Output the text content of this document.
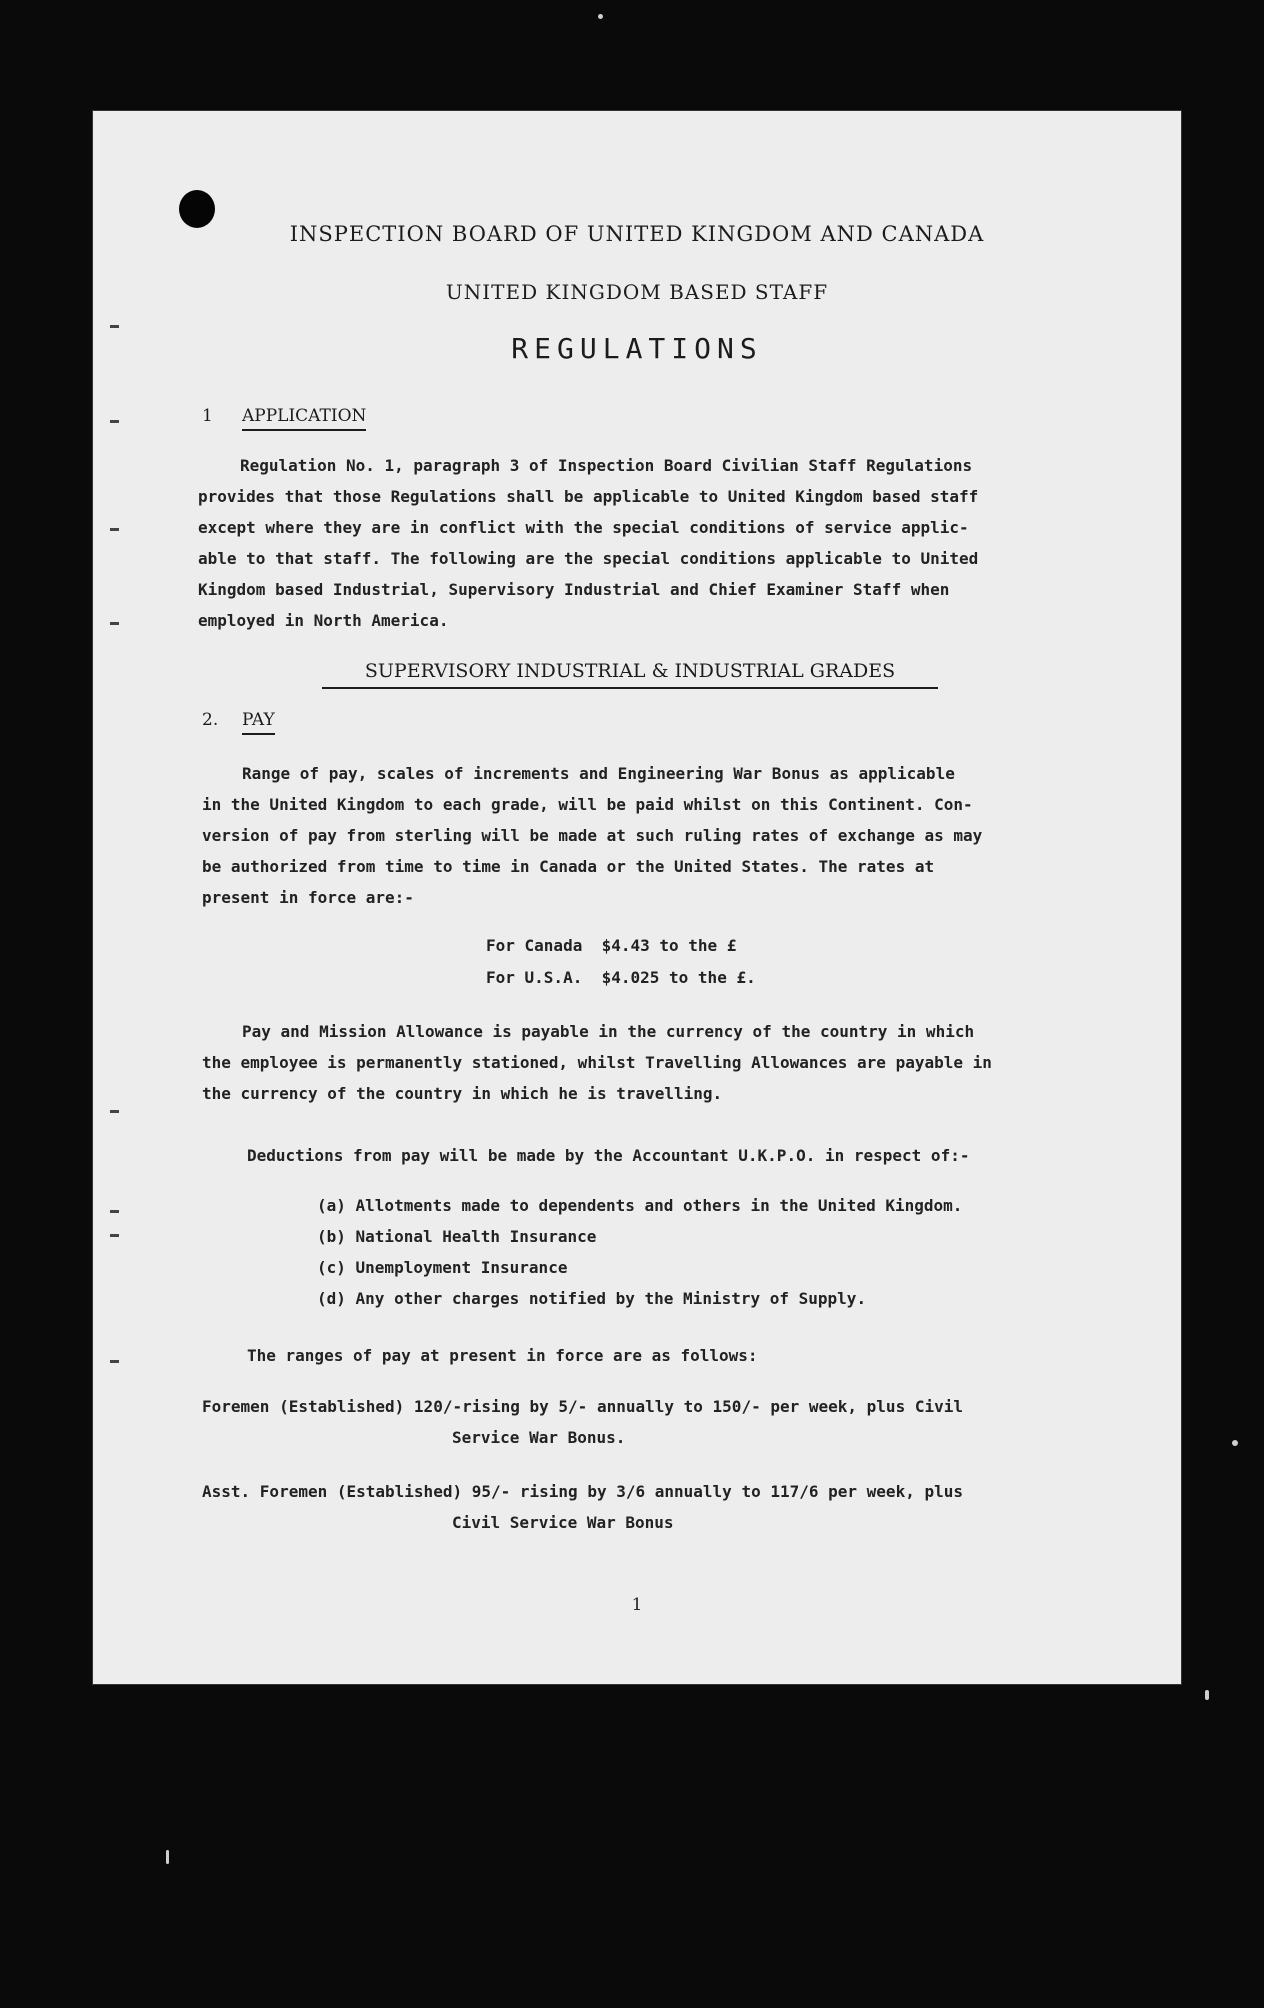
INSPECTION BOARD OF UNITED KINGDOM AND CANADA
UNITED KINGDOM BASED STAFF
REGULATIONS
1 APPLICATION
Regulation No. 1, paragraph 3 of Inspection Board Civilian Staff Regulations
provides that those Regulations shall be applicable to United Kingdom based staff
except where they are in conflict with the special conditions of service applic-
able to that staff. The following are the special conditions applicable to United
Kingdom based Industrial, Supervisory Industrial and Chief Examiner Staff when
employed in North America.
SUPERVISORY INDUSTRIAL & INDUSTRIAL GRADES
2. PAY
Range of pay, scales of increments and Engineering War Bonus as applicable
in the United Kingdom to each grade, will be paid whilst on this Continent. Con-
version of pay from sterling will be made at such ruling rates of exchange as may
be authorized from time to time in Canada or the United States. The rates at
present in force are:-
For Canada  $4.43 to the £
For U.S.A.  $4.025 to the £.
Pay and Mission Allowance is payable in the currency of the country in which
the employee is permanently stationed, whilst Travelling Allowances are payable in
the currency of the country in which he is travelling.
Deductions from pay will be made by the Accountant U.K.P.O. in respect of:-
(a) Allotments made to dependents and others in the United Kingdom.
(b) National Health Insurance
(c) Unemployment Insurance
(d) Any other charges notified by the Ministry of Supply.
The ranges of pay at present in force are as follows:
Foremen (Established) 120/-rising by 5/- annually to 150/- per week, plus Civil
Service War Bonus.
Asst. Foremen (Established) 95/- rising by 3/6 annually to 117/6 per week, plus
Civil Service War Bonus
1
